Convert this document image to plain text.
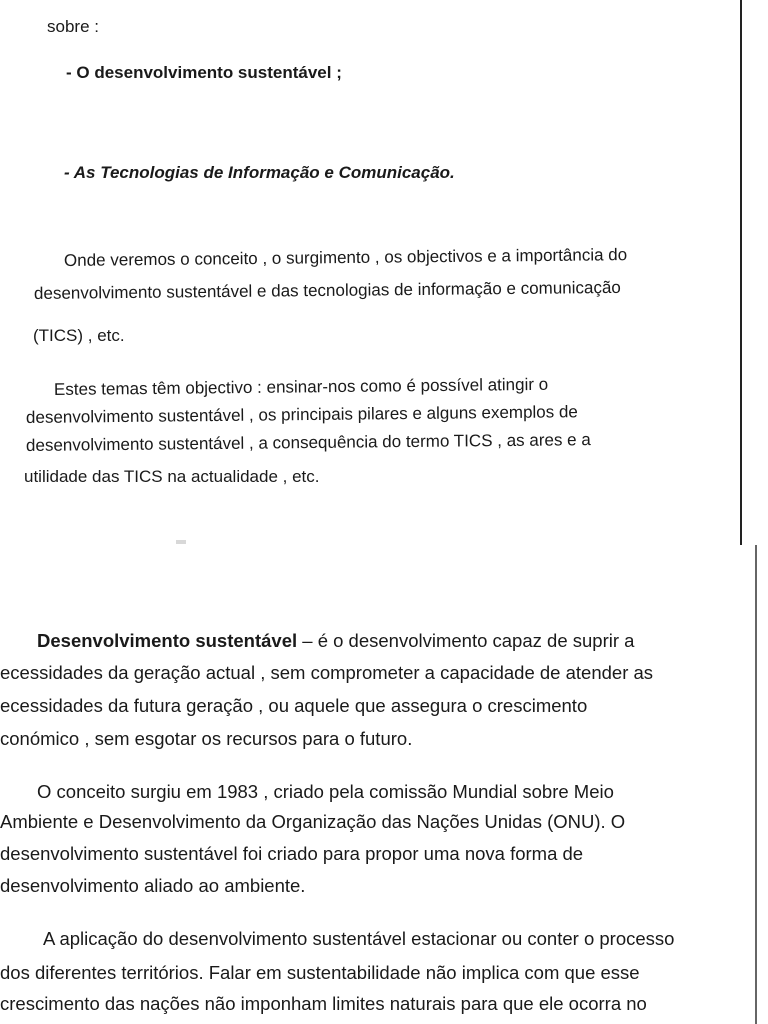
sobre :
- O desenvolvimento sustentável ;
- As Tecnologias de Informação e Comunicação.
Onde veremos o conceito , o surgimento , os objectivos e a importância do
desenvolvimento sustentável e das tecnologias de informação e comunicação
(TICS) , etc.
Estes temas têm objectivo : ensinar-nos como é possível atingir o
desenvolvimento sustentável , os principais pilares e alguns exemplos de
desenvolvimento sustentável , a consequência do termo TICS , as ares e a
utilidade das TICS na actualidade , etc.
Desenvolvimento sustentável – é o desenvolvimento capaz de suprir a
ecessidades da geração actual , sem comprometer a capacidade de atender as
ecessidades da futura geração , ou aquele que assegura o crescimento
conómico , sem esgotar os recursos para o futuro.
O conceito surgiu em 1983 , criado pela comissão Mundial sobre Meio
Ambiente e Desenvolvimento da Organização das Nações Unidas (ONU). O
desenvolvimento sustentável foi criado para propor uma nova forma de
desenvolvimento aliado ao ambiente.
A aplicação do desenvolvimento sustentável estacionar ou conter o processo
dos diferentes territórios. Falar em sustentabilidade não implica com que esse
crescimento das nações não imponham limites naturais para que ele ocorra no
